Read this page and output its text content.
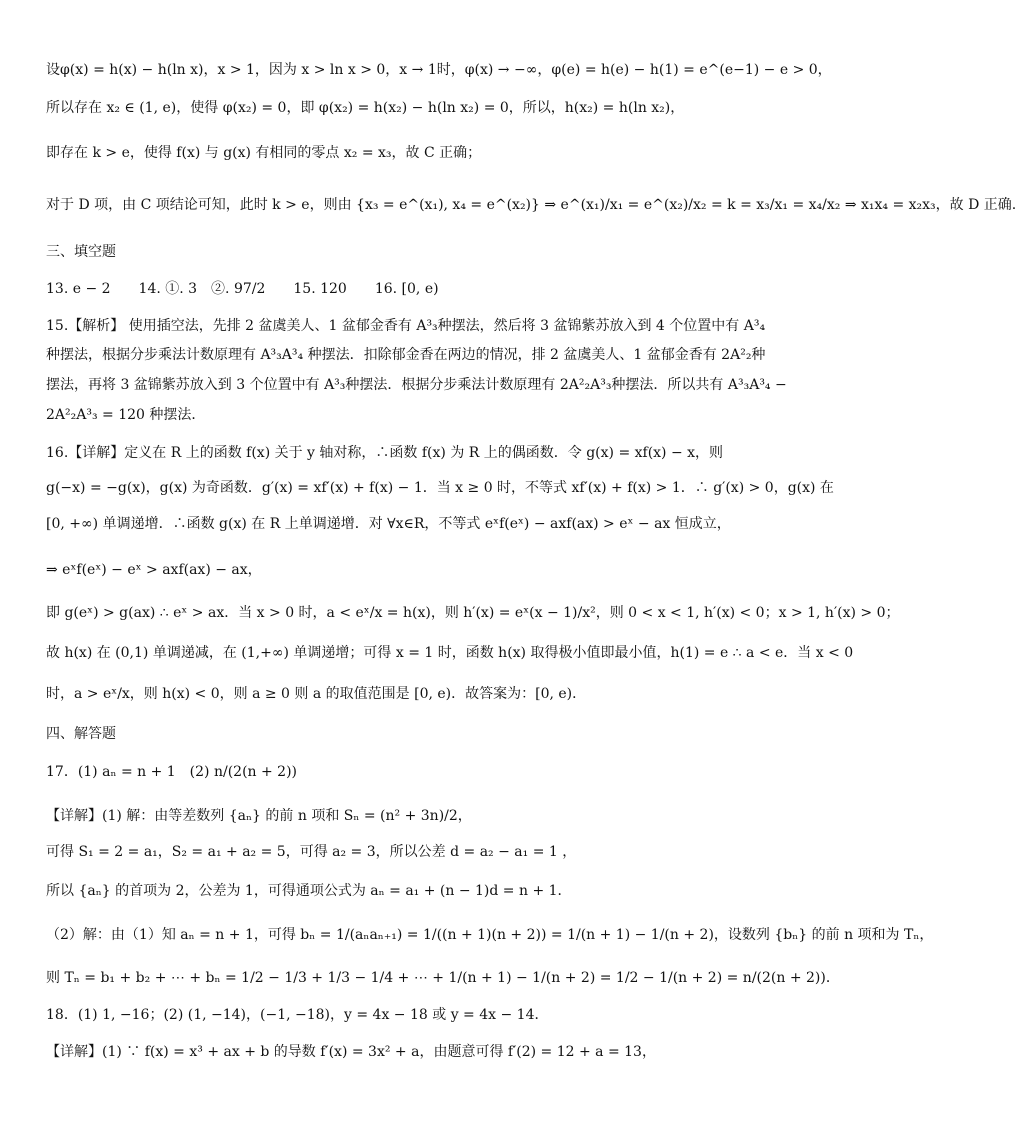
设φ(x) = h(x) − h(ln x)，x > 1，因为 x > ln x > 0，x → 1时，φ(x) → −∞，φ(e) = h(e) − h(1) = e^(e−1) − e > 0，
所以存在 x₂ ∈ (1, e)，使得 φ(x₂) = 0，即 φ(x₂) = h(x₂) − h(ln x₂) = 0，所以，h(x₂) = h(ln x₂)，
即存在 k > e，使得 f(x) 与 g(x) 有相同的零点 x₂ = x₃，故 C 正确；
对于 D 项，由 C 项结论可知，此时 k > e，则由 {x₃ = e^(x₁), x₄ = e^(x₂)} ⇒ e^(x₁)/x₁ = e^(x₂)/x₂ = k = x₃/x₁ = x₄/x₂ ⇒ x₁x₄ = x₂x₃，故 D 正确.
三、填空题
13. e − 2　　14. ①. 3　②. 97/2　　15. 120　　16. [0, e)
15.【解析】 使用插空法，先排 2 盆虞美人、1 盆郁金香有 A³₃种摆法，然后将 3 盆锦紫苏放入到 4 个位置中有 A³₄
种摆法，根据分步乘法计数原理有 A³₃A³₄ 种摆法．扣除郁金香在两边的情况，排 2 盆虞美人、1 盆郁金香有 2A²₂种
摆法，再将 3 盆锦紫苏放入到 3 个位置中有 A³₃种摆法．根据分步乘法计数原理有 2A²₂A³₃种摆法．所以共有 A³₃A³₄ −
2A²₂A³₃ = 120 种摆法．
16.【详解】定义在 R 上的函数 f(x) 关于 y 轴对称，∴函数 f(x) 为 R 上的偶函数．令 g(x) = xf(x) − x，则
g(−x) = −g(x)，g(x) 为奇函数．g′(x) = xf′(x) + f(x) − 1．当 x ≥ 0 时，不等式 xf′(x) + f(x) > 1．∴ g′(x) > 0，g(x) 在
[0, +∞) 单调递增．∴函数 g(x) 在 R 上单调递增．对 ∀x∈R，不等式 eˣf(eˣ) − axf(ax) > eˣ − ax 恒成立，
⇒ eˣf(eˣ) − eˣ > axf(ax) − ax，
即 g(eˣ) > g(ax) ∴ eˣ > ax．当 x > 0 时，a < eˣ/x = h(x)，则 h′(x) = eˣ(x − 1)/x²，则 0 < x < 1, h′(x) < 0；x > 1, h′(x) > 0；
故 h(x) 在 (0,1) 单调递减，在 (1,+∞) 单调递增；可得 x = 1 时，函数 h(x) 取得极小值即最小值，h(1) = e ∴ a < e．当 x < 0
时，a > eˣ/x，则 h(x) < 0，则 a ≥ 0 则 a 的取值范围是 [0, e)．故答案为：[0, e)．
四、解答题
17．(1) aₙ = n + 1　(2) n/(2(n + 2))
【详解】(1) 解：由等差数列 {aₙ} 的前 n 项和 Sₙ = (n² + 3n)/2，
可得 S₁ = 2 = a₁，S₂ = a₁ + a₂ = 5，可得 a₂ = 3，所以公差 d = a₂ − a₁ = 1 ，
所以 {aₙ} 的首项为 2，公差为 1，可得通项公式为 aₙ = a₁ + (n − 1)d = n + 1．
（2）解：由（1）知 aₙ = n + 1，可得 bₙ = 1/(aₙaₙ₊₁) = 1/((n + 1)(n + 2)) = 1/(n + 1) − 1/(n + 2)，设数列 {bₙ} 的前 n 项和为 Tₙ，
则 Tₙ = b₁ + b₂ + ⋯ + bₙ = 1/2 − 1/3 + 1/3 − 1/4 + ⋯ + 1/(n + 1) − 1/(n + 2) = 1/2 − 1/(n + 2) = n/(2(n + 2))．
18．(1) 1, −16；(2) (1, −14)，(−1, −18)，y = 4x − 18 或 y = 4x − 14．
【详解】(1) ∵ f(x) = x³ + ax + b 的导数 f′(x) = 3x² + a，由题意可得 f′(2) = 12 + a = 13，
